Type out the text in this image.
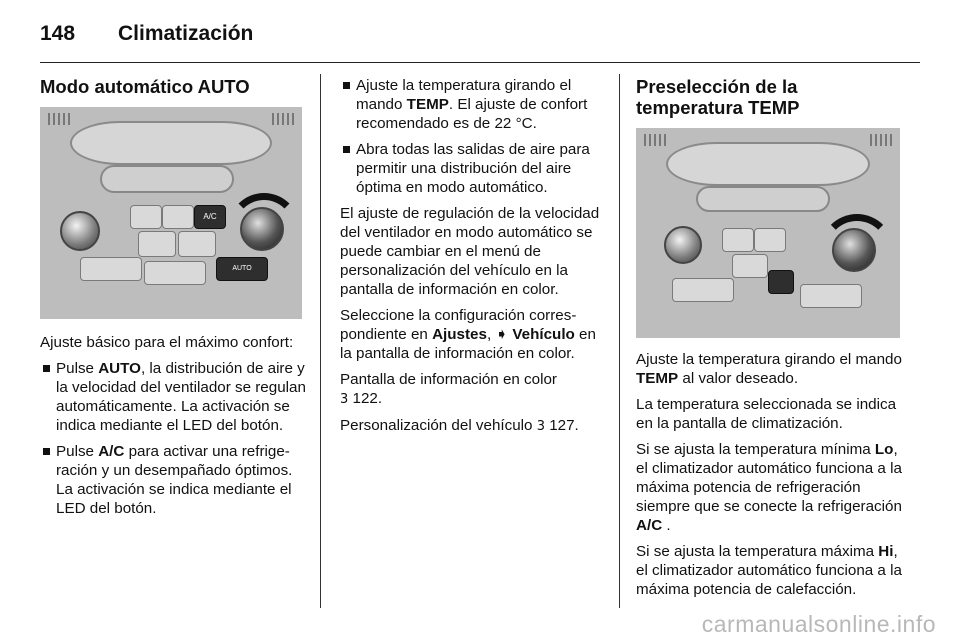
148 Climatización
Modo automático AUTO
A/C
AUTO

Ajuste básico para el máximo confort:

Pulse AUTO, la distribución de aire y la velocidad del ventilador se regulan automáticamente. La activación se indica mediante el LED del botón.
Pulse A/C para activar una refrigeración y un desempañado óptimos. La activación se indica mediante el LED del botón.
Ajuste la temperatura girando el mando TEMP. El ajuste de confort recomendado es de 22 °C.
Abra todas las salidas de aire para permitir una distribución del aire óptima en modo automático.

El ajuste de regulación de la velocidad del ventilador en modo automático se puede cambiar en el menú de personalización del vehículo en la pantalla de información en color.

Seleccione la configuración correspondiente en Ajustes, ➧ Vehículo en la pantalla de información en color.

Pantalla de información en color
3 122.

Personalización del vehículo 3 127.

Preselección de la temperatura TEMP

Ajuste la temperatura girando el mando TEMP al valor deseado.

La temperatura seleccionada se indica en la pantalla de climatización.

Si se ajusta la temperatura mínima Lo, el climatizador automático funciona a la máxima potencia de refrigeración siempre que se conecte la refrigeración A/C .

Si se ajusta la temperatura máxima Hi, el climatizador automático funciona a la máxima potencia de calefacción.

carmanualsonline.info
